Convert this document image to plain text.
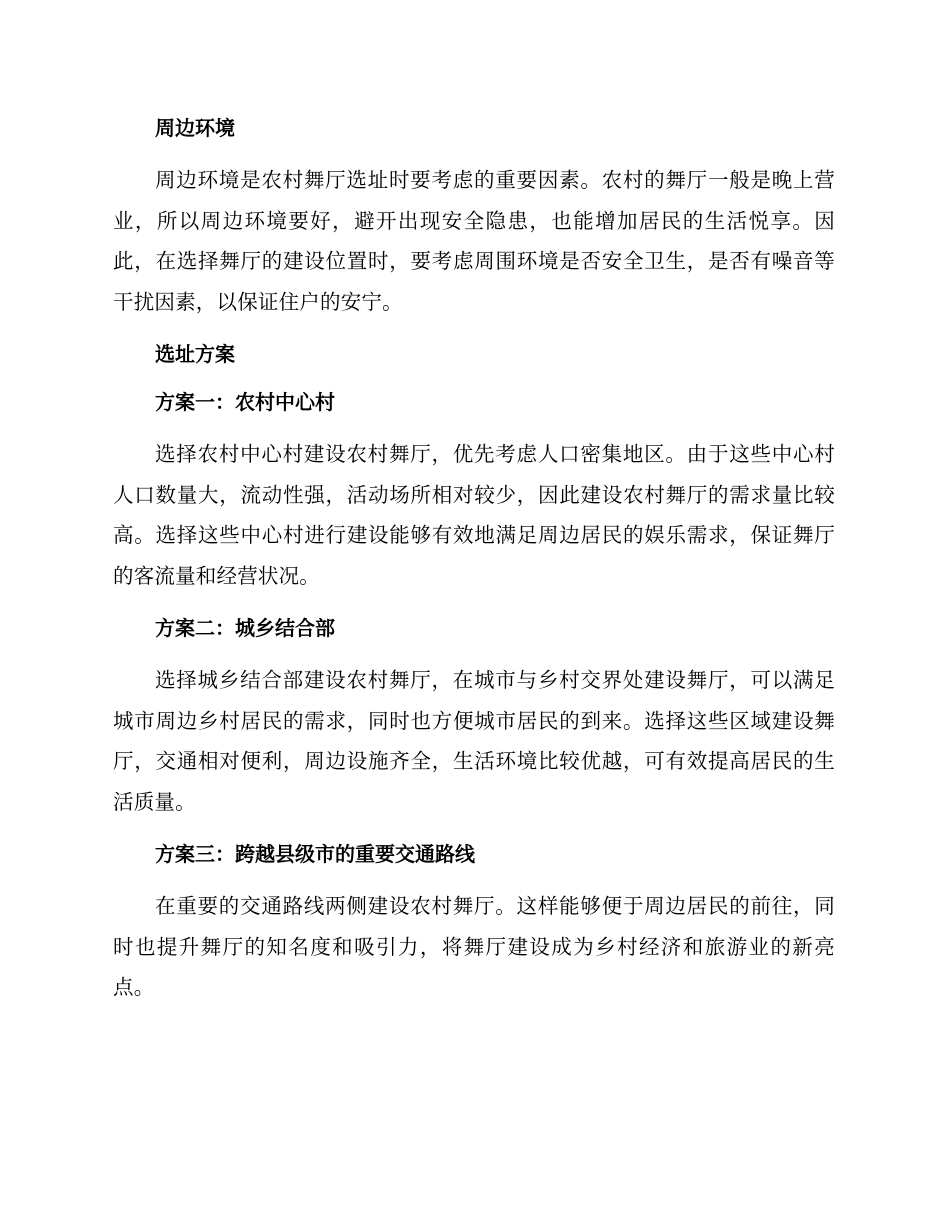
周边环境

周边环境是农村舞厅选址时要考虑的重要因素。农村的舞厅一般是晚上营业，所以周边环境要好，避开出现安全隐患，也能增加居民的生活悦享。因此，在选择舞厅的建设位置时，要考虑周围环境是否安全卫生，是否有噪音等干扰因素，以保证住户的安宁。

选址方案
方案一：农村中心村

选择农村中心村建设农村舞厅，优先考虑人口密集地区。由于这些中心村人口数量大，流动性强，活动场所相对较少，因此建设农村舞厅的需求量比较高。选择这些中心村进行建设能够有效地满足周边居民的娱乐需求，保证舞厅的客流量和经营状况。

方案二：城乡结合部

选择城乡结合部建设农村舞厅，在城市与乡村交界处建设舞厅，可以满足城市周边乡村居民的需求，同时也方便城市居民的到来。选择这些区域建设舞厅，交通相对便利，周边设施齐全，生活环境比较优越，可有效提高居民的生活质量。

方案三：跨越县级市的重要交通路线

在重要的交通路线两侧建设农村舞厅。这样能够便于周边居民的前往，同时也提升舞厅的知名度和吸引力，将舞厅建设成为乡村经济和旅游业的新亮点。
